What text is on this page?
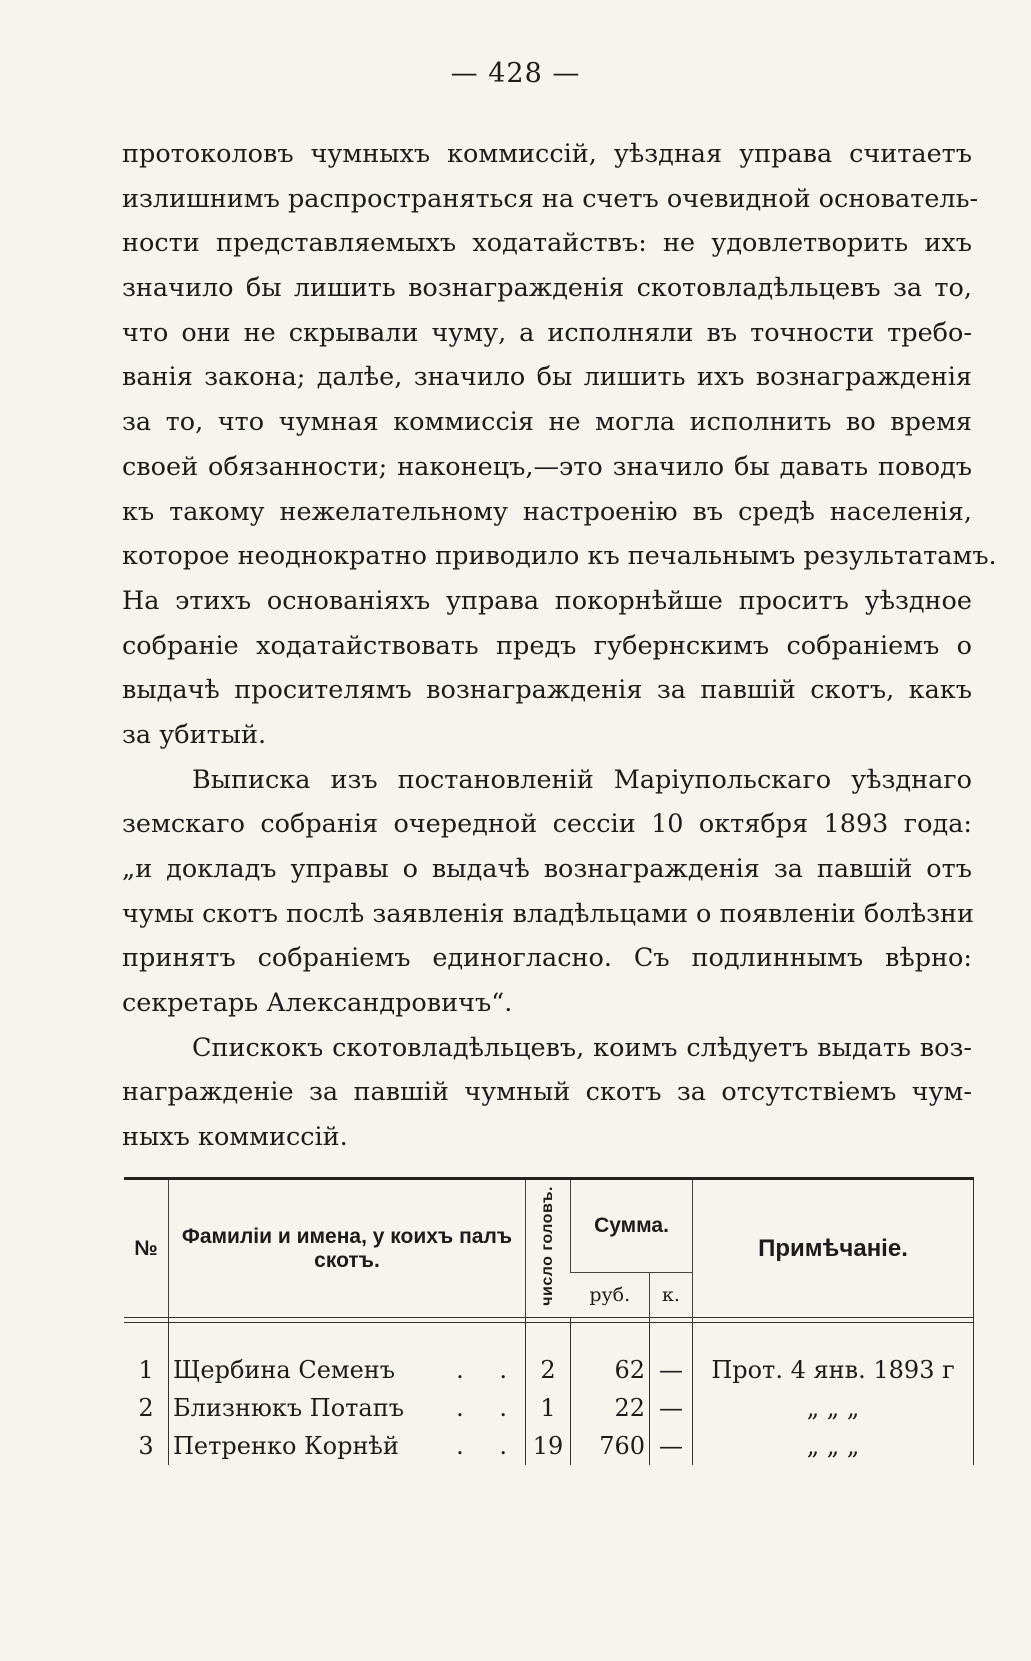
— 428 —
протоколовъ чумныхъ коммиссій, уѣздная управа считаетъ
излишнимъ распространяться на счетъ очевидной основатель-
ности представляемыхъ ходатайствъ: не удовлетворить ихъ
значило бы лишить вознагражденія скотовладѣльцевъ за то,
что они не скрывали чуму, а исполняли въ точности требо-
ванія закона; далѣе, значило бы лишить ихъ вознагражденія
за то, что чумная коммиссія не могла исполнить во время
своей обязанности; наконецъ,—это значило бы давать поводъ
къ такому нежелательному настроенію въ средѣ населенія,
которое неоднократно приводило къ печальнымъ результатамъ.
На этихъ основаніяхъ управа покорнѣйше проситъ уѣздное
собраніе ходатайствовать предъ губернскимъ собраніемъ о
выдачѣ просителямъ вознагражденія за павшій скотъ, какъ
за убитый.
Выписка изъ постановленій Маріупольскаго уѣзднаго
земскаго собранія очередной сессіи 10 октября 1893 года:
„и докладъ управы о выдачѣ вознагражденія за павшій отъ
чумы скотъ послѣ заявленія владѣльцами о появленіи болѣзни
принятъ собраніемъ единогласно. Съ подлиннымъ вѣрно:
секретарь Александровичъ“.
Спискoкъ скотовладѣльцевъ, коимъ слѣдуетъ выдать воз-
награжденіе за павшій чумный скотъ за отсутствіемъ чум-
ныхъ коммиссій.
№	Фамиліи и имена, у коихъ палъ скотъ.	число головъ.	Сумма.		Примѣчаніе.
			руб.	к.	

1	Щербина Семенъ . .	2	62	—	Прот. 4 янв. 1893 г
2	Близнюкъ Потапъ . .	1	22	—	„ „ „
3	Петренко Корнѣй . .	19	760	—	„ „ „
